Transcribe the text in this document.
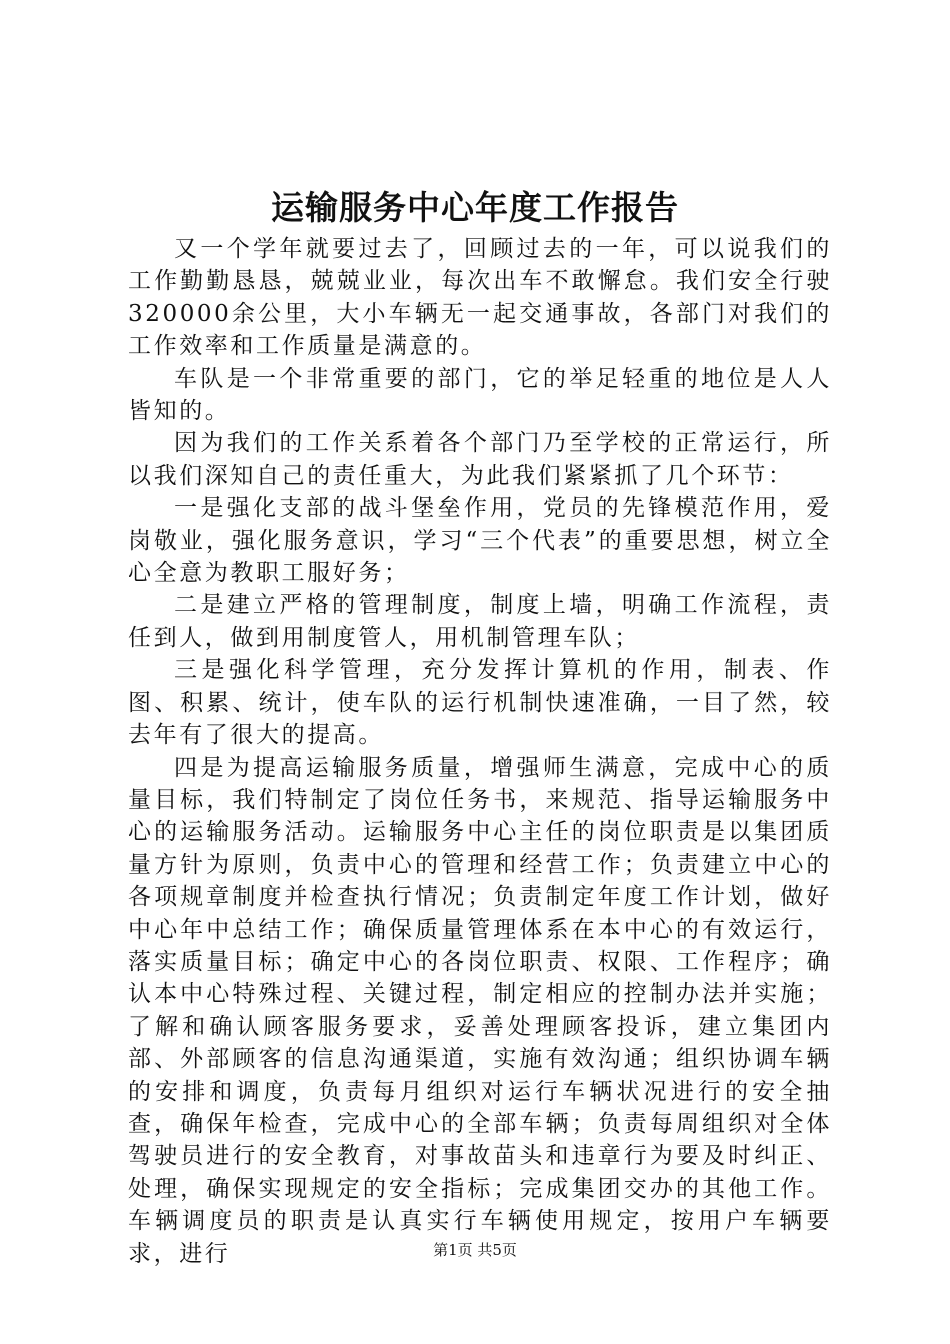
运输服务中心年度工作报告

又一个学年就要过去了，回顾过去的一年，可以说我们的工作勤勤恳恳，兢兢业业，每次出车不敢懈怠。我们安全行驶320000余公里，大小车辆无一起交通事故，各部门对我们的工作效率和工作质量是满意的。

车队是一个非常重要的部门，它的举足轻重的地位是人人皆知的。

因为我们的工作关系着各个部门乃至学校的正常运行，所以我们深知自己的责任重大，为此我们紧紧抓了几个环节：

一是强化支部的战斗堡垒作用，党员的先锋模范作用，爱岗敬业，强化服务意识，学习“三个代表”的重要思想，树立全心全意为教职工服好务；

二是建立严格的管理制度，制度上墙，明确工作流程，责任到人，做到用制度管人，用机制管理车队；

三是强化科学管理，充分发挥计算机的作用，制表、作图、积累、统计，使车队的运行机制快速准确，一目了然，较去年有了很大的提高。

四是为提高运输服务质量，增强师生满意，完成中心的质量目标，我们特制定了岗位任务书，来规范、指导运输服务中心的运输服务活动。运输服务中心主任的岗位职责是以集团质量方针为原则，负责中心的管理和经营工作；负责建立中心的各项规章制度并检查执行情况；负责制定年度工作计划，做好中心年中总结工作；确保质量管理体系在本中心的有效运行，落实质量目标；确定中心的各岗位职责、权限、工作程序；确认本中心特殊过程、关键过程，制定相应的控制办法并实施；了解和确认顾客服务要求，妥善处理顾客投诉，建立集团内部、外部顾客的信息沟通渠道，实施有效沟通；组织协调车辆的安排和调度，负责每月组织对运行车辆状况进行的安全抽查，确保年检查，完成中心的全部车辆；负责每周组织对全体驾驶员进行的安全教育，对事故苗头和违章行为要及时纠正、处理，确保实现规定的安全指标；完成集团交办的其他工作。车辆调度员的职责是认真实行车辆使用规定，按用户车辆要求，进行	第1页 共5页
